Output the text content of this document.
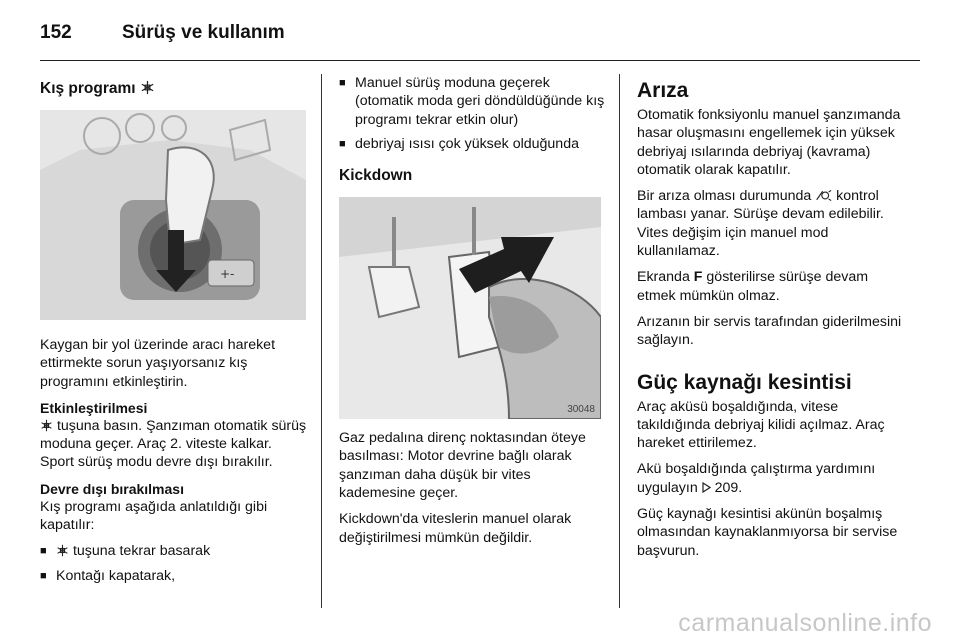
152	Sürüş ve kullanım
Kış programı
+-

Kaygan bir yol üzerinde aracı hareket ettirmekte sorun yaşıyorsanız kış programını etkinleştirin.

Etkinleştirilmesi

tuşuna basın. Şanzıman otomatik sürüş moduna geçer. Araç 2. viteste kalkar. Sport sürüş modu devre dışı bırakılır.

Devre dışı bırakılması

Kış programı aşağıda anlatıldığı gibi kapatılır:

■	tuşuna tekrar basarak
■ Kontağı kapatarak,
■ Manuel sürüş moduna geçerek (otomatik moda geri döndüldüğünde kış programı tekrar etkin olur)
■ debriyaj ısısı çok yüksek olduğunda
Kickdown
30048

Gaz pedalına direnç noktasından öteye basılması: Motor devrine bağlı olarak şanzıman daha düşük bir vites kademesine geçer.

Kickdown'da viteslerin manuel olarak değiştirilmesi mümkün değildir.

Arıza

Otomatik fonksiyonlu manuel şanzımanda hasar oluşmasını engellemek için yüksek debriyaj ısılarında debriyaj (kavrama) otomatik olarak kapatılır.

Bir arıza olması durumunda  kontrol lambası yanar. Sürüşe devam edilebilir. Vites değişim için manuel mod kullanılamaz.

Ekranda F gösterilirse sürüşe devam etmek mümkün olmaz.

Arızanın bir servis tarafından giderilmesini sağlayın.

Güç kaynağı kesintisi

Araç aküsü boşaldığında, vitese takıldığında debriyaj kilidi açılmaz. Araç hareket ettirilemez.

Akü boşaldığında çalıştırma yardımını uygulayın  209.

Güç kaynağı kesintisi akünün boşalmış olmasından kaynaklanmıyorsa bir servise başvurun.

carmanualsonline.info
